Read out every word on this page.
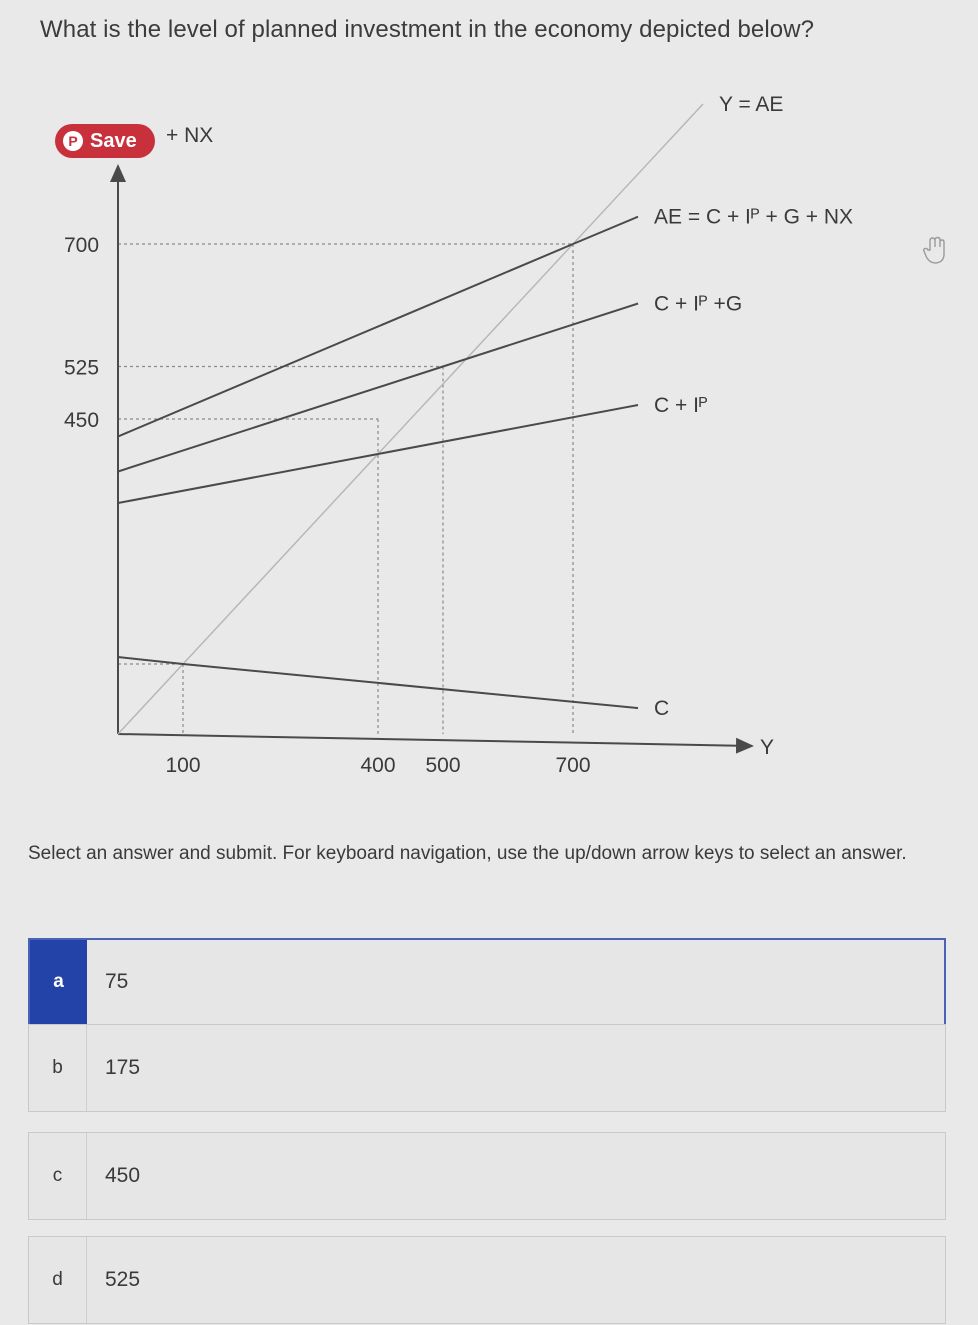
What is the level of planned investment in the economy depicted below?
P Save
Y = AE
AE = C + Iᴾ + G + NX
C + Iᴾ +G
C + Iᴾ
C
450
525
700
100	400 500	700
+ NX
Y
Select an answer and submit. For keyboard navigation, use the up/down arrow keys to select an answer.
a	75
b	175
c	450
d	525
